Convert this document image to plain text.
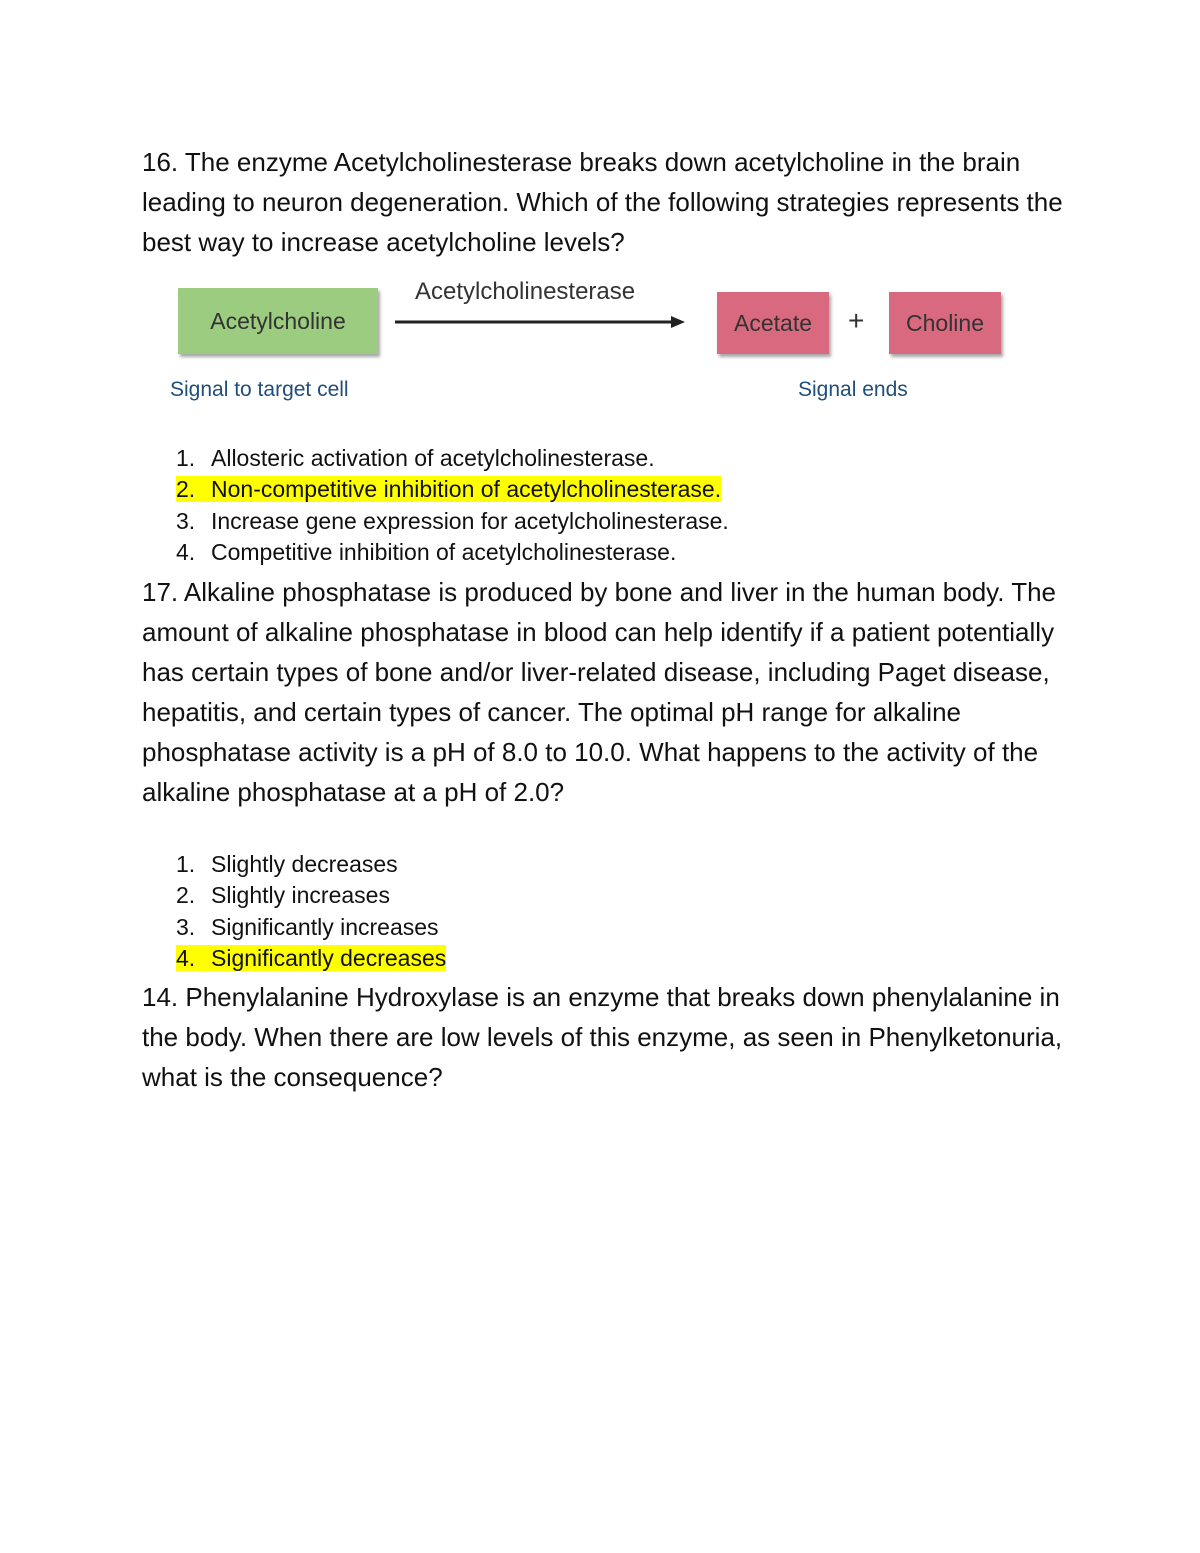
16. The enzyme Acetylcholinesterase breaks down acetylcholine in the brain leading to neuron degeneration. Which of the following strategies represents the best way to increase acetylcholine levels?

Acetylcholine
Acetylcholinesterase
Acetate + Choline
Signal to target cell	Signal ends
1. Allosteric activation of acetylcholinesterase.
2. Non-competitive inhibition of acetylcholinesterase.
3. Increase gene expression for acetylcholinesterase.
4. Competitive inhibition of acetylcholinesterase.

17. Alkaline phosphatase is produced by bone and liver in the human body. The amount of alkaline phosphatase in blood can help identify if a patient potentially has certain types of bone and/or liver-related disease, including Paget disease, hepatitis, and certain types of cancer. The optimal pH range for alkaline phosphatase activity is a pH of 8.0 to 10.0. What happens to the activity of the alkaline phosphatase at a pH of 2.0?

1. Slightly decreases
2. Slightly increases
3. Significantly increases
4. Significantly decreases

14. Phenylalanine Hydroxylase is an enzyme that breaks down phenylalanine in the body. When there are low levels of this enzyme, as seen in Phenylketonuria, what is the consequence?
